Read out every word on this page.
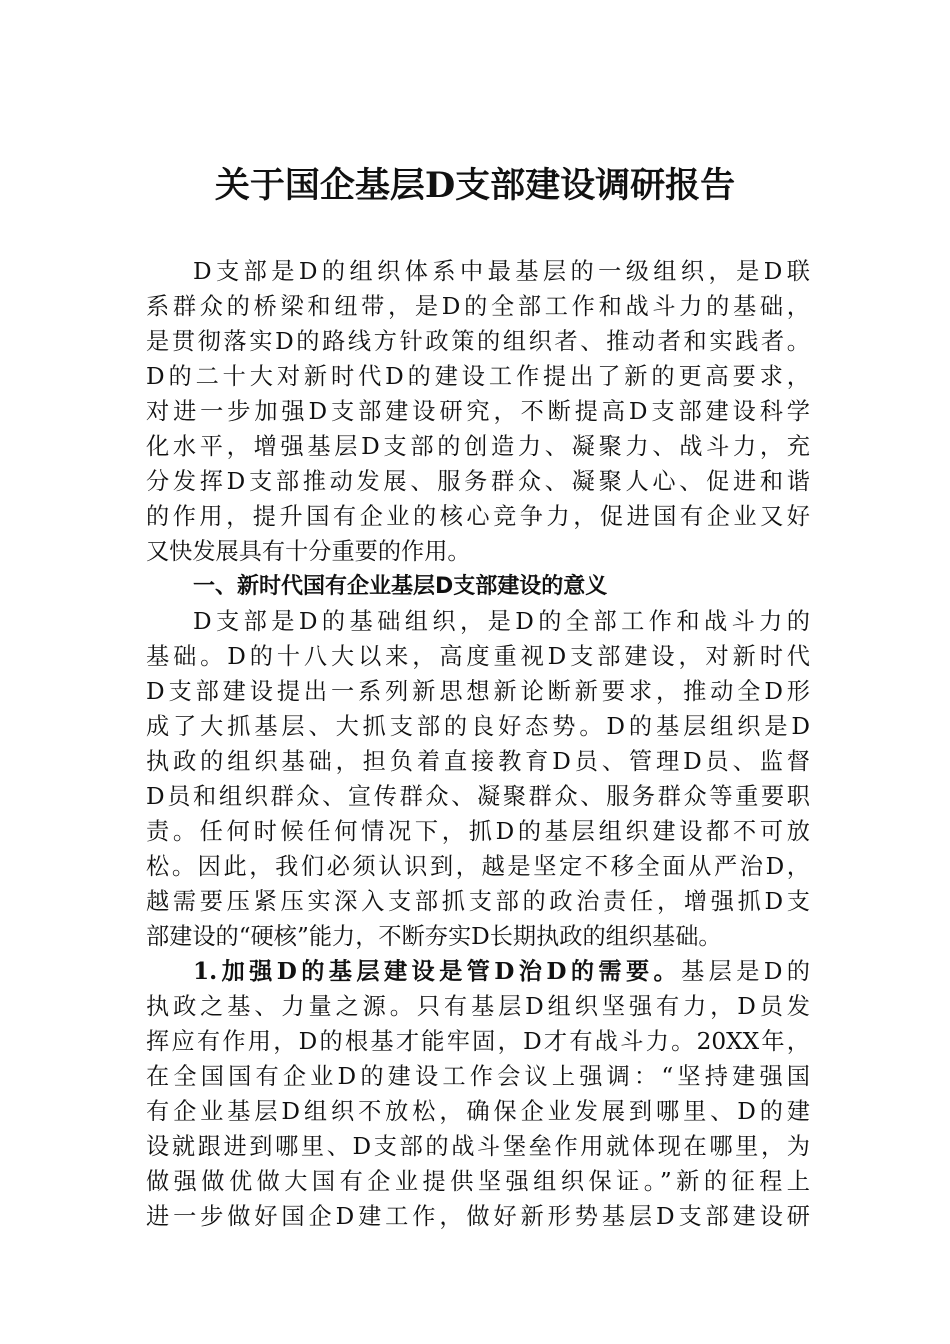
关于国企基层D支部建设调研报告
D支部是D的组织体系中最基层的一级组织，是D联
系群众的桥梁和纽带，是D的全部工作和战斗力的基础，
是贯彻落实D的路线方针政策的组织者、推动者和实践者。
D的二十大对新时代D的建设工作提出了新的更高要求，
对进一步加强D支部建设研究，不断提高D支部建设科学
化水平，增强基层D支部的创造力、凝聚力、战斗力，充
分发挥D支部推动发展、服务群众、凝聚人心、促进和谐
的作用，提升国有企业的核心竞争力，促进国有企业又好
又快发展具有十分重要的作用。
一、新时代国有企业基层D支部建设的意义
D支部是D的基础组织，是D的全部工作和战斗力的
基础。D的十八大以来，高度重视D支部建设，对新时代
D支部建设提出一系列新思想新论断新要求，推动全D形
成了大抓基层、大抓支部的良好态势。D的基层组织是D
执政的组织基础，担负着直接教育D员、管理D员、监督
D员和组织群众、宣传群众、凝聚群众、服务群众等重要职
责。任何时候任何情况下，抓D的基层组织建设都不可放
松。因此，我们必须认识到，越是坚定不移全面从严治D，
越需要压紧压实深入支部抓支部的政治责任，增强抓D支
部建设的“硬核”能力，不断夯实D长期执政的组织基础。
1.加强D的基层建设是管D治D的需要。基层是D的
执政之基、力量之源。只有基层D组织坚强有力，D员发
挥应有作用，D的根基才能牢固，D才有战斗力。20XX年，
在全国国有企业D的建设工作会议上强调：“坚持建强国
有企业基层D组织不放松，确保企业发展到哪里、D的建
设就跟进到哪里、D支部的战斗堡垒作用就体现在哪里，为
做强做优做大国有企业提供坚强组织保证。”新的征程上
进一步做好国企D建工作，做好新形势基层D支部建设研
